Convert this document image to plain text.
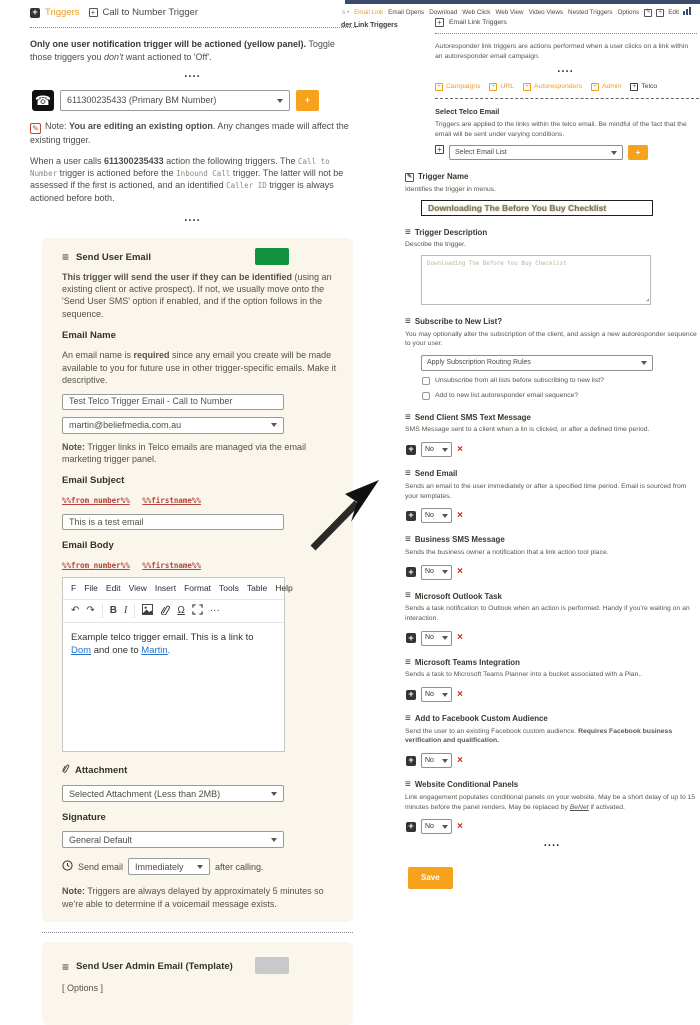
+ Triggers + Call to Number Trigger
Only one user notification trigger will be actioned (yellow panel). Toggle those triggers you don't want actioned to 'Off'.
••••
☎	611300235433 (Primary BM Number)	+
✎ Note: You are editing an existing option. Any changes made will affect the existing trigger.
When a user calls 611300235433 action the following triggers. The Call to Number trigger is actioned before the Inbound Call trigger. The latter will not be assessed if the first is actioned, and an identified Caller ID trigger is always actioned before both.
••••
≡ Send User Email
This trigger will send the user if they can be identified (using an existing client or active prospect). If not, we usually move onto the 'Send User SMS' option if enabled, and if the option follows in the sequence.
Email Name
An email name is required since any email you create will be made available to you for future use in other trigger-specific emails. Make it descriptive.
Test Telco Trigger Email - Call to Number
martin@beliefmedia.com.au
Note: Trigger links in Telco emails are managed via the email marketing trigger panel.
Email Subject
%%from_number%% %%firstname%%
This is a test email
Email Body
%%from_number%% %%firstname%%
F File Edit View Insert Format Tools Table Help
↶ ↷ B I	Ω	···
Example telco trigger email. This is a link to Dom and one to Martin.
Attachment
Selected Attachment (Less than 2MB)
Signature
General Default
Send email Immediately	after calling.
Note: Triggers are always delayed by approximately 5 minutes so we're able to determine if a voicemail message exists.
≡ Send User Admin Email (Template)
[ Options ]
s • Email Link Email Opens Download Web Click Web View Video Views Nested Triggers Options ✎	+ Edit
der Link Triggers	+	Email Link Triggers
Autoresponder link triggers are actions performed when a user clicks on a link within an autoresponder email campaign.
••••
+ Campaigns	+ URL	+ Autoresponders	+ Admin	+ Telco
Select Telco Email
Triggers are applied to the links within the telco email. Be mindful of the fact that the email will be sent under varying conditions.
+	Select Email List	+
✎ Trigger Name
Identifies the trigger in menus.
Downloading The Before You Buy Checklist
≡ Trigger Description
Describe the trigger.
Downloading The Before You Buy Checklist
◢
≡ Subscribe to New List?
You may optionally alter the subscription of the client, and assign a new autoresponder sequence to your user.
Apply Subscription Routing Rules
Unsubscribe from all lists before subscribing to new list?
Add to new list autoresponder email sequence?
≡ Send Client SMS Text Message
SMS Message sent to a client when a lin is clicked, or after a defined time period.
+	No ×
≡ Send Email
Sends an email to the user immediately or after a specified time period. Email is sourced from your templates.
+	No ×
≡ Business SMS Message
Sends the business owner a notification that a link action tool place.
+	No ×
≡ Microsoft Outlook Task
Sends a task notification to Outlook when an action is performed. Handy if you're waiting on an interaction.
+	No ×
≡ Microsoft Teams Integration
Sends a task to Microsoft Teams Planner into a bucket associated with a Plan..
+	No ×
≡ Add to Facebook Custom Audience
Send the user to an existing Facebook custom audience. Requires Facebook business verification and qualification.
+	No ×
≡ Website Conditional Panels
Link engagement populates conditional panels on your website. May be a short delay of up to 15 minutes before the panel renders. May be replaced by BeNet if activated.
+	No ×
••••
Save
